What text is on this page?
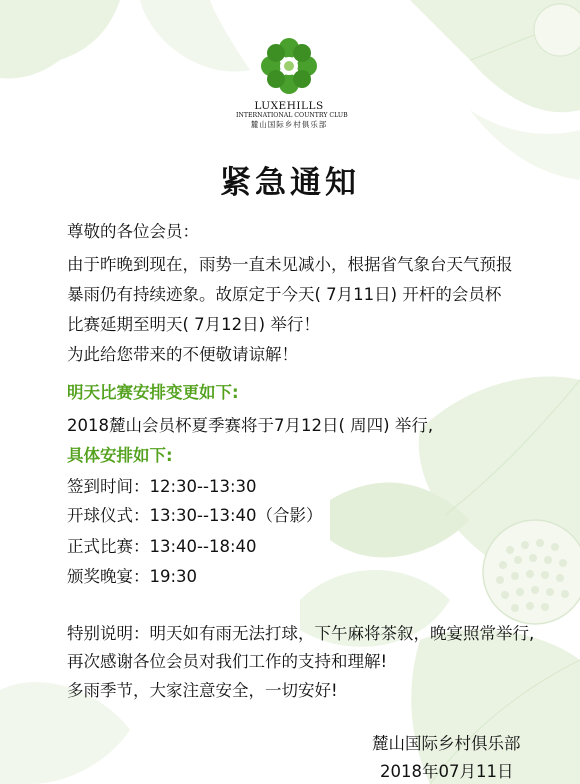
LUXEHILLS
INTERNATIONAL COUNTRY CLUB
麓山国际乡村俱乐部
紧急通知
尊敬的各位会员：
由于昨晚到现在，雨势一直未见减小，根据省气象台天气预报
暴雨仍有持续迹象。故原定于今天( 7月11日) 开杆的会员杯
比赛延期至明天( 7月12日) 举行！
为此给您带来的不便敬请谅解！
明天比赛安排变更如下:
2018麓山会员杯夏季赛将于7月12日( 周四) 举行,
具体安排如下:
签到时间：12:30--13:30
开球仪式：13:30--13:40（合影）
正式比赛：13:40--18:40
颁奖晚宴：19:30
特别说明：明天如有雨无法打球，下午麻将茶叙，晚宴照常举行,
再次感谢各位会员对我们工作的支持和理解!
多雨季节，大家注意安全，一切安好!
麓山国际乡村俱乐部
2018年07月11日
